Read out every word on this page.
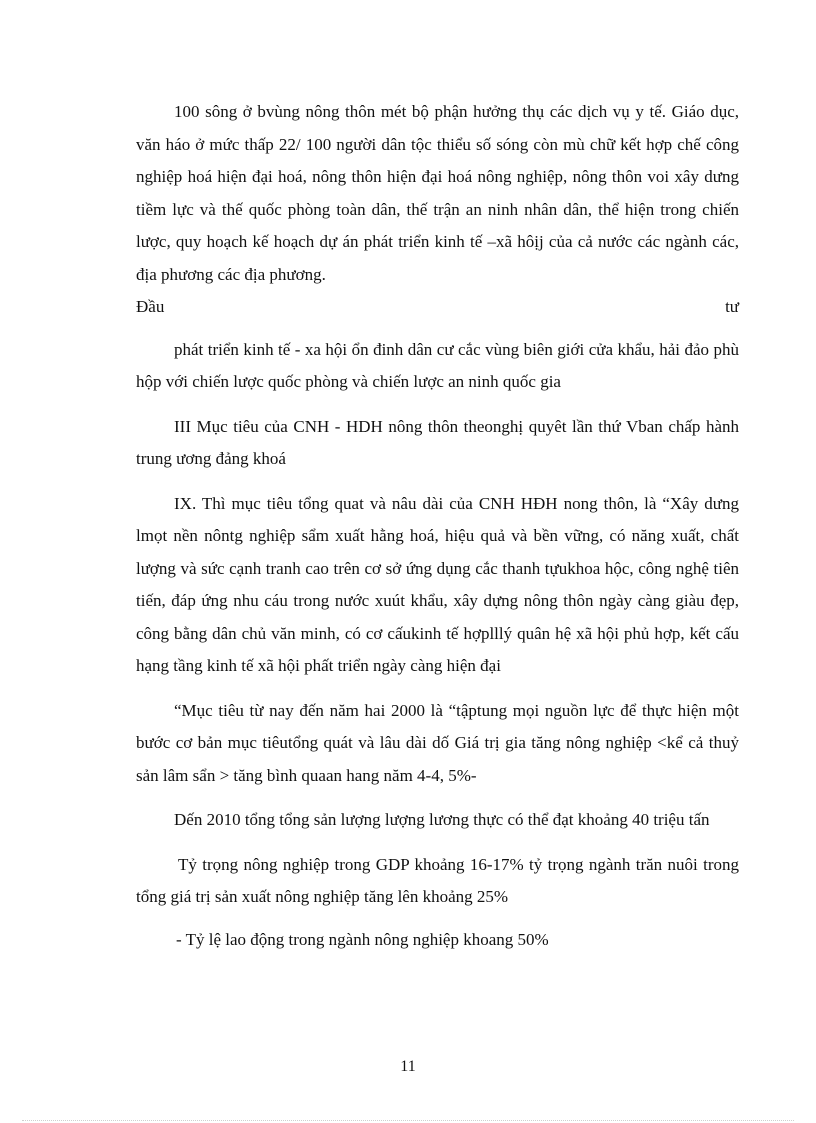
100 sông ở bvùng nông thôn mét bộ phận hưởng thụ các dịch vụ y tế. Giáo dục, văn háo ở mức thấp 22/ 100 người dân tộc thiểu số sóng còn mù chữ kết hợp chế công nghiệp hoá hiện đại hoá, nông thôn hiện đại hoá nông nghiệp, nông thôn voi xây dưng tiềm lực và thế quốc phòng toàn dân, thế trận an ninh nhân dân, thể hiện trong chiến lược, quy hoạch kế hoạch dự án phát triển kinh tế –xã hôịj của cả nước các ngành các, địa phương các địa phương.

Đầu	tư

phát triển kinh tế - xa hội ổn đinh dân cư cắc vùng biên giới cửa khẩu, hải đảo phù hộp với chiến lược quốc phòng và chiến lược an ninh quốc gia

III Mục tiêu của CNH - HDH nông thôn theonghị quyêt lần thứ Vban chấp hành trung ương đảng khoá

IX. Thì mục tiêu tổng quat và nâu dài của CNH HĐH nong thôn, là “Xây dưng lmọt nền nôntg nghiệp sẩm xuất hằng hoá, hiệu quả và bền vững, có năng xuất, chất lượng và sức cạnh tranh cao trên cơ sở ứng dụng cắc thanh tựukhoa hộc, công nghệ tiên tiến, đáp ứng nhu cáu trong nước xuút khẩu, xây dựng nông thôn ngày càng giàu đẹp, công bằng dân chủ văn minh, có cơ cấukinh tế hợplllý quân hệ xã hội phủ hợp, kết cấu hạng tầng kinh tế xã hội phất triển ngày càng hiện đại

“Mục tiêu từ nay đến năm hai 2000 là “tậptung mọi nguồn lực để thực hiện một bước cơ bản mục tiêutổng quát và lâu dài dố Giá trị gia tăng nông nghiệp <kể cả thuỷ sản lâm sẩn > tăng bình quaan hang năm 4-4, 5%-

Dến 2010 tổng tổng sản lượng lượng lương thực có thể đạt khoảng 40 triệu tấn

Tỷ trọng nông nghiệp trong GDP khoảng 16-17% tỷ trọng ngành trăn nuôi trong tổng giá trị sản xuất nông nghiệp tăng lên khoảng 25%

- Tỷ lệ lao động trong ngành nông nghiệp khoang 50%

11
